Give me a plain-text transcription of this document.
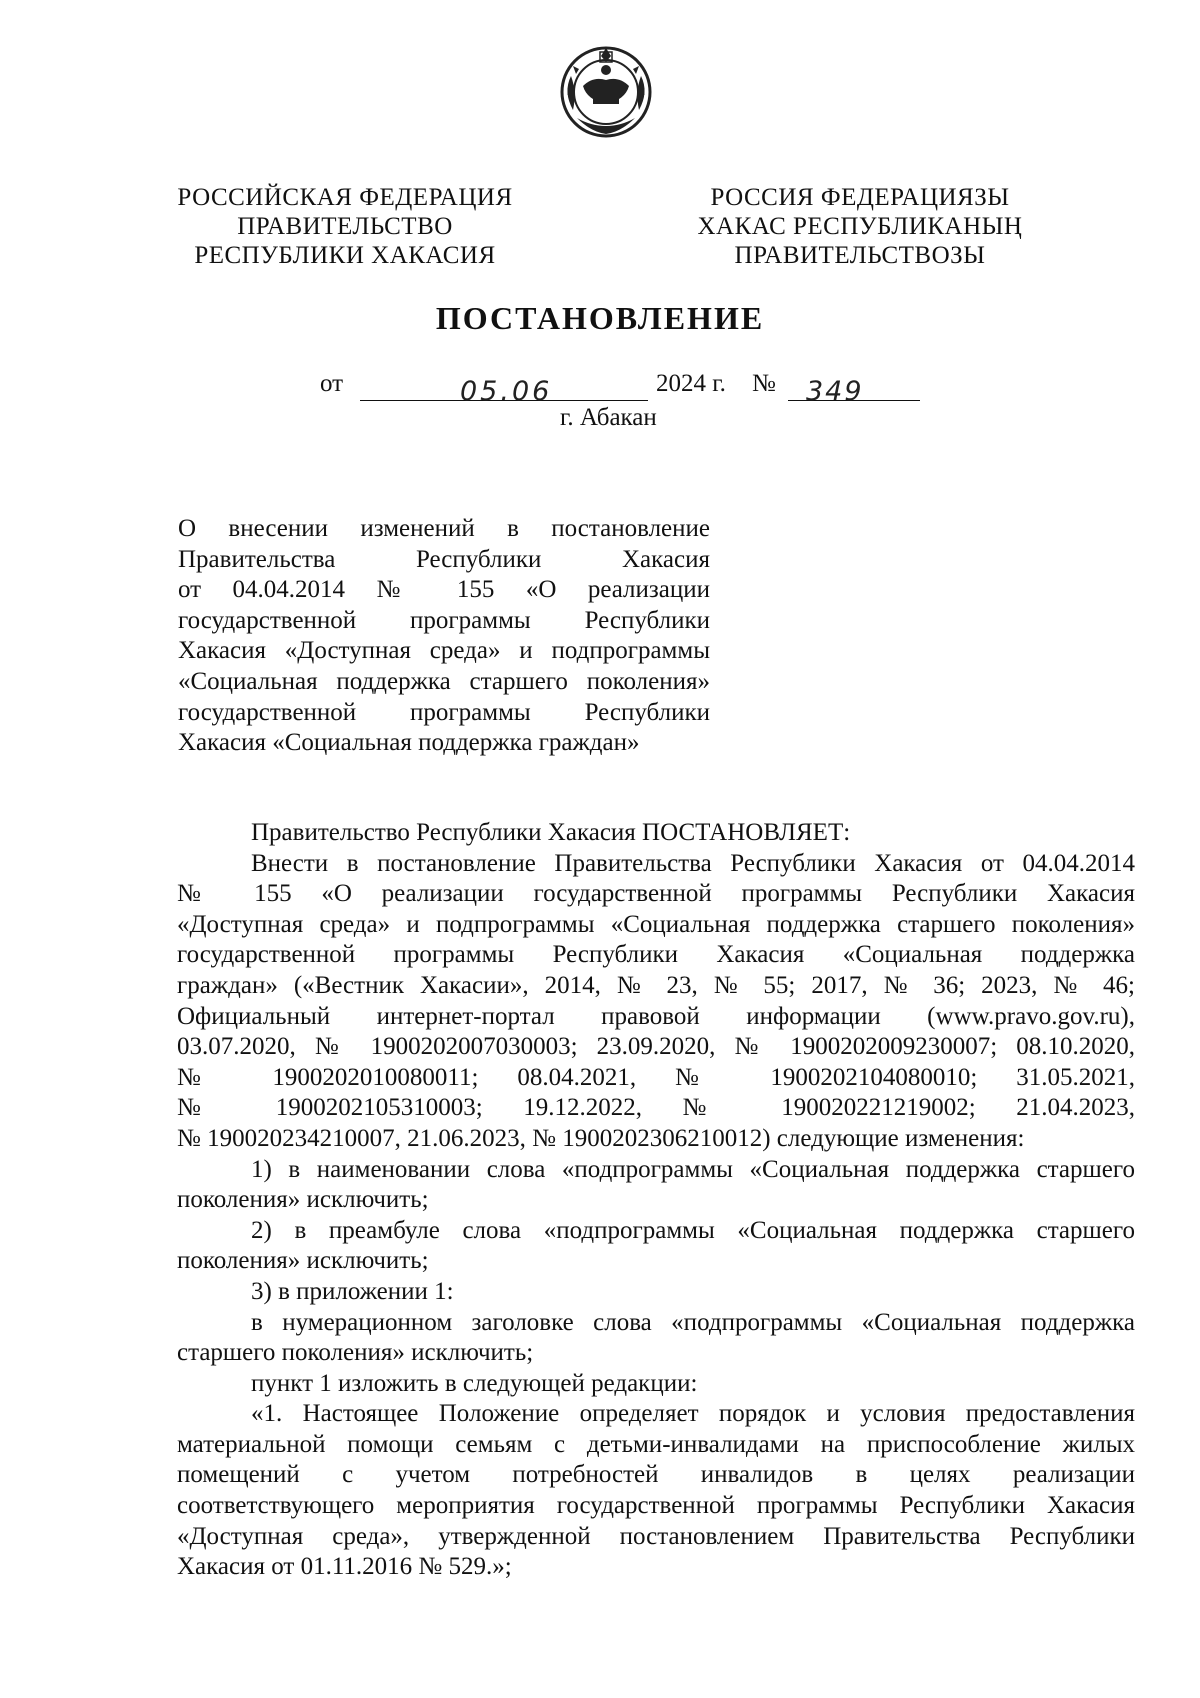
РОССИЙСКАЯ ФЕДЕРАЦИЯ
ПРАВИТЕЛЬСТВО
РЕСПУБЛИКИ ХАКАСИЯ
РОССИЯ ФЕДЕРАЦИЯЗЫ
ХАКАС РЕСПУБЛИКАНЫҢ
ПРАВИТЕЛЬСТВОЗЫ
ПОСТАНОВЛЕНИЕ
от	05.06	2024 г. № 349
г. Абакан
О внесении изменений в постановление
Правительства Республики Хакасия
от 04.04.2014 № 155 «О реализации
государственной программы Республики
Хакасия «Доступная среда» и подпрограммы
«Социальная поддержка старшего поколения»
государственной программы Республики
Хакасия «Социальная поддержка граждан»
Правительство Республики Хакасия ПОСТАНОВЛЯЕТ:
Внести в постановление Правительства Республики Хакасия от 04.04.2014
№ 155 «О реализации государственной программы Республики Хакасия
«Доступная среда» и подпрограммы «Социальная поддержка старшего поколения»
государственной программы Республики Хакасия «Социальная поддержка
граждан» («Вестник Хакасии», 2014, № 23, № 55; 2017, № 36; 2023, № 46;
Официальный интернет-портал правовой информации (www.pravo.gov.ru),
03.07.2020, № 1900202007030003; 23.09.2020, № 1900202009230007; 08.10.2020,
№ 1900202010080011; 08.04.2021, № 1900202104080010; 31.05.2021,
№ 1900202105310003; 19.12.2022, № 190020221219002; 21.04.2023,
№ 190020234210007, 21.06.2023, № 1900202306210012) следующие изменения:
1) в наименовании слова «подпрограммы «Социальная поддержка старшего
поколения» исключить;
2) в преамбуле слова «подпрограммы «Социальная поддержка старшего
поколения» исключить;
3) в приложении 1:
в нумерационном заголовке слова «подпрограммы «Социальная поддержка
старшего поколения» исключить;
пункт 1 изложить в следующей редакции:
«1. Настоящее Положение определяет порядок и условия предоставления
материальной помощи семьям с детьми-инвалидами на приспособление жилых
помещений с учетом потребностей инвалидов в целях реализации
соответствующего мероприятия государственной программы Республики Хакасия
«Доступная среда», утвержденной постановлением Правительства Республики
Хакасия от 01.11.2016 № 529.»;
